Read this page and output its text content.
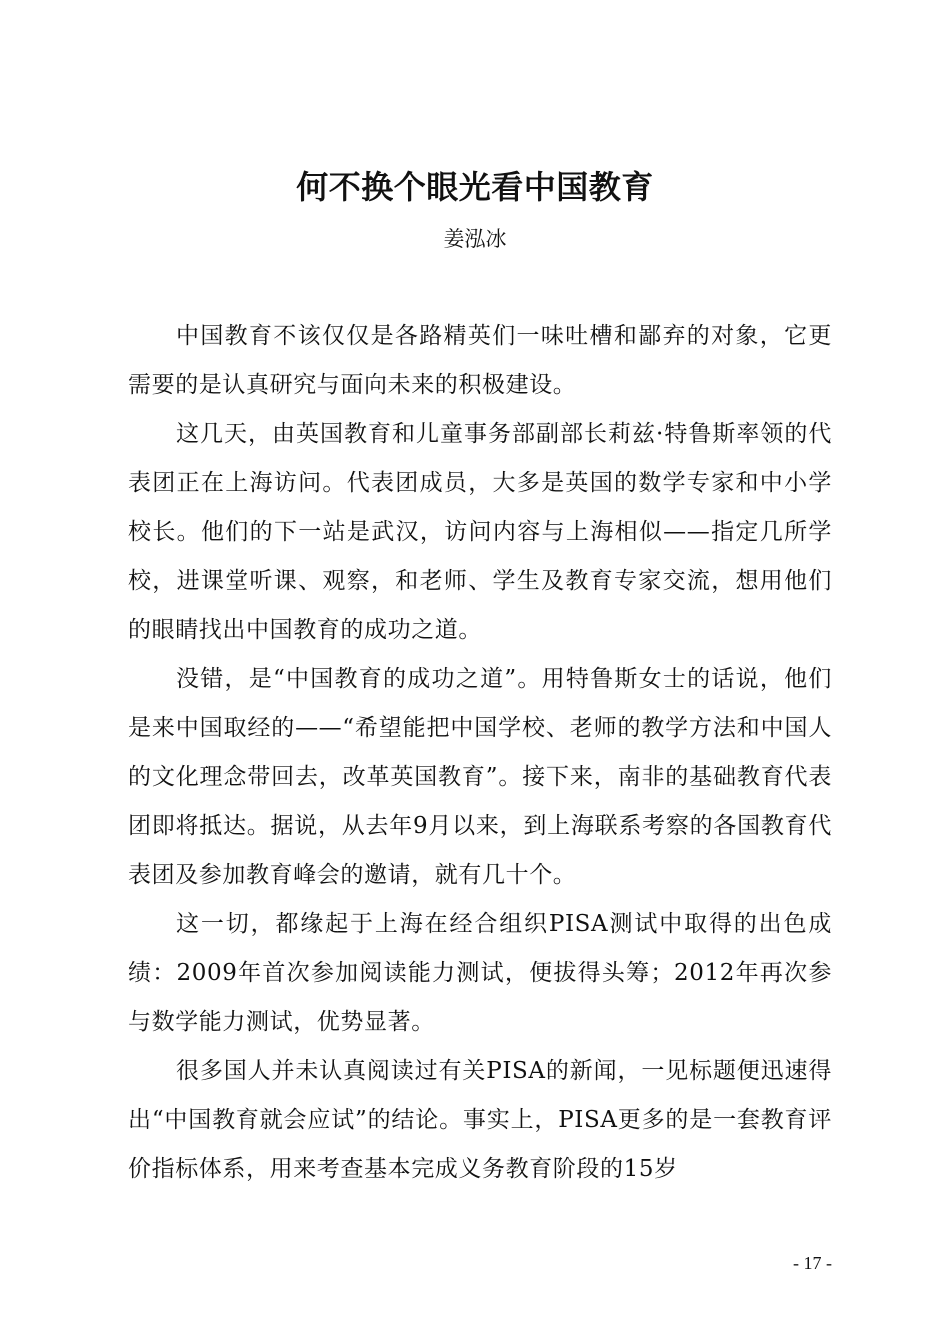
何不换个眼光看中国教育
姜泓冰

中国教育不该仅仅是各路精英们一味吐槽和鄙弃的对象，它更需要的是认真研究与面向未来的积极建设。

这几天，由英国教育和儿童事务部副部长莉兹·特鲁斯率领的代表团正在上海访问。代表团成员，大多是英国的数学专家和中小学校长。他们的下一站是武汉，访问内容与上海相似——指定几所学校，进课堂听课、观察，和老师、学生及教育专家交流，想用他们的眼睛找出中国教育的成功之道。

没错，是“中国教育的成功之道”。用特鲁斯女士的话说，他们是来中国取经的——“希望能把中国学校、老师的教学方法和中国人的文化理念带回去，改革英国教育”。接下来，南非的基础教育代表团即将抵达。据说，从去年9月以来，到上海联系考察的各国教育代表团及参加教育峰会的邀请，就有几十个。

这一切，都缘起于上海在经合组织PISA测试中取得的出色成绩：2009年首次参加阅读能力测试，便拔得头筹；2012年再次参与数学能力测试，优势显著。

很多国人并未认真阅读过有关PISA的新闻，一见标题便迅速得出“中国教育就会应试”的结论。事实上，PISA更多的是一套教育评价指标体系，用来考查基本完成义务教育阶段的15岁

- 17 -
